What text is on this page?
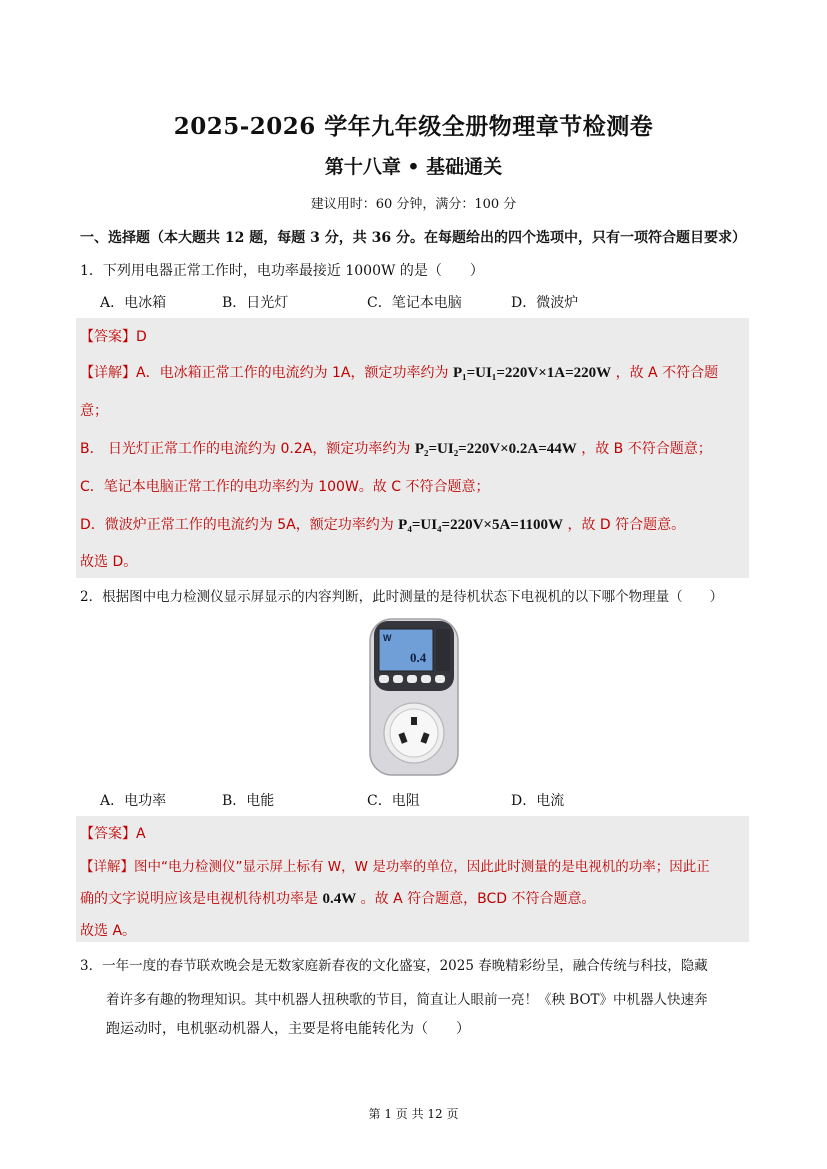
2025-2026 学年九年级全册物理章节检测卷
第十八章 • 基础通关
建议用时：60 分钟，满分：100 分
一、选择题（本大题共 12 题，每题 3 分，共 36 分。在每题给出的四个选项中，只有一项符合题目要求）
1．下列用电器正常工作时，电功率最接近 1000W 的是（　　）
A．电冰箱	B．日光灯	C．笔记本电脑	D．微波炉
【答案】D
【详解】A．电冰箱正常工作的电流约为 1A，额定功率约为 P₁=UI₁=220V×1A=220W ，故 A 不符合题
意；
B． 日光灯正常工作的电流约为 0.2A，额定功率约为 P₂=UI₂=220V×0.2A=44W ，故 B 不符合题意；
C．笔记本电脑正常工作的电功率约为 100W。故 C 不符合题意；
D．微波炉正常工作的电流约为 5A，额定功率约为 P₄=UI₄=220V×5A=1100W ，故 D 符合题意。
故选 D。
2．根据图中电力检测仪显示屏显示的内容判断，此时测量的是待机状态下电视机的以下哪个物理量（　　）
W
0.4
A．电功率	B．电能	C．电阻	D．电流
【答案】A
【详解】图中“电力检测仪”显示屏上标有 W，W 是功率的单位，因此此时测量的是电视机的功率；因此正
确的文字说明应该是电视机待机功率是 0.4W 。故 A 符合题意，BCD 不符合题意。
故选 A。
3．一年一度的春节联欢晚会是无数家庭新春夜的文化盛宴，2025 春晚精彩纷呈，融合传统与科技，隐藏
着许多有趣的物理知识。其中机器人扭秧歌的节目，简直让人眼前一亮！《秧 BOT》中机器人快速奔
跑运动时，电机驱动机器人，主要是将电能转化为（　　）
第 1 页 共 12 页
